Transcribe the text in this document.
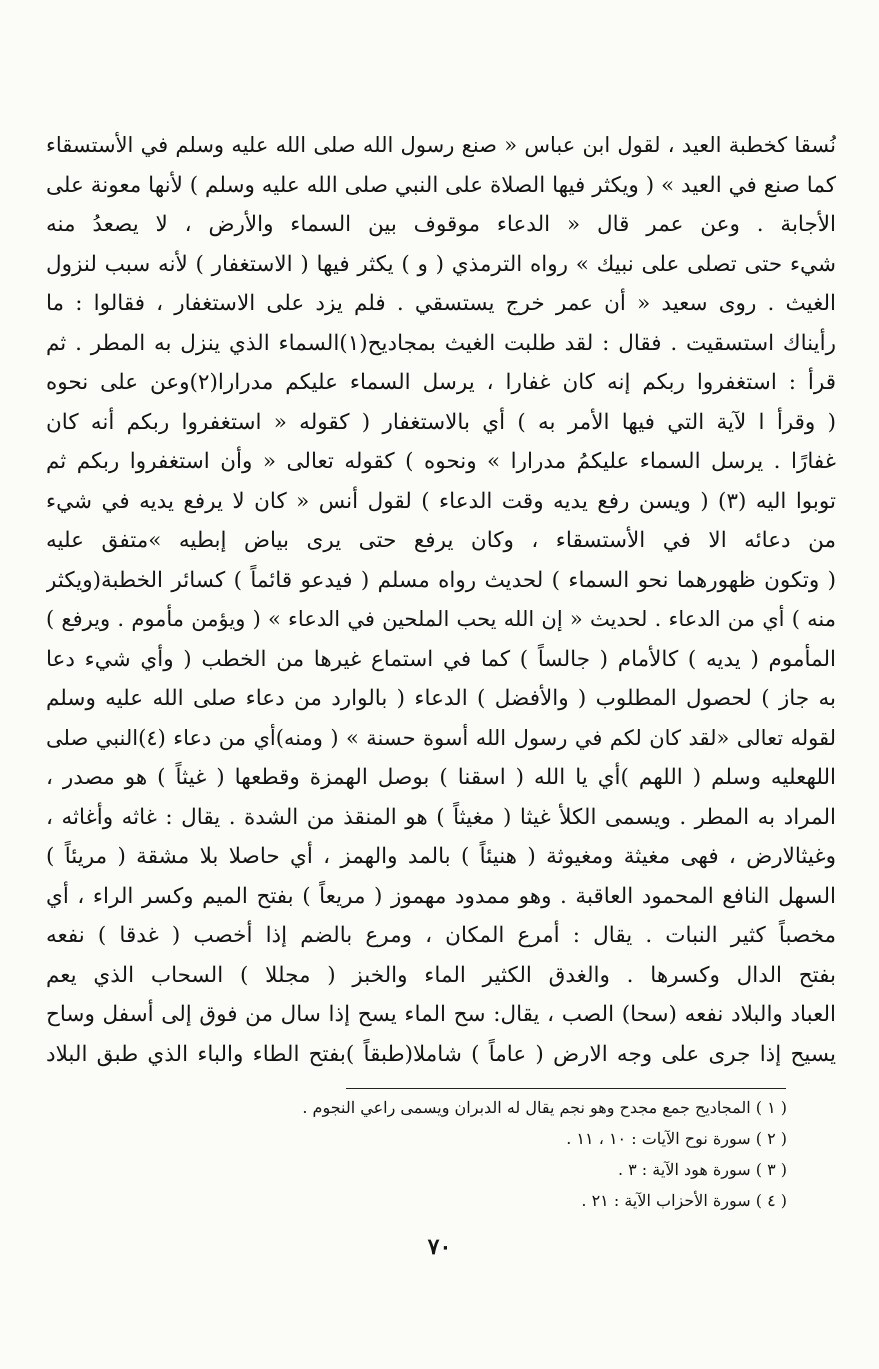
نُسقا كخطبة العيد ، لقول ابن عباس « صنع رسول الله صلى الله عليه وسلم في الأستسقاء
كما صنع في العيد » ( ويكثر فيها الصلاة على النبي صلى الله عليه وسلم ) لأنها معونة على
الأجابة . وعن عمر قال « الدعاء موقوف بين السماء والأرض ، لا يصعدُ منه
شيء حتى تصلى على نبيك » رواه الترمذي ( و ) يكثر فيها ( الاستغفار ) لأنه سبب لنزول
الغيث . روى سعيد « أن عمر خرج يستسقي . فلم يزد على الاستغفار ، فقالوا : ما
رأيناك استسقيت . فقال : لقد طلبت الغيث بمجاديح(١)السماء الذي ينزل به المطر . ثم
قرأ : استغفروا ربكم إنه كان غفارا ، يرسل السماء عليكم مدرارا(٢)وعن على نحوه
( وقرأ ا لآية التي فيها الأمر به ) أي بالاستغفار ( كقوله « استغفروا ربكم أنه كان
غفارًا . يرسل السماء عليكمُ مدرارا » ونحوه ) كقوله تعالى « وأن استغفروا ربكم ثم
توبوا اليه (٣) ( ويسن رفع يديه وقت الدعاء ) لقول أنس « كان لا يرفع يديه في شيء
من دعائه الا في الأستسقاء ، وكان يرفع حتى يرى بياض إبطيه »متفق عليه
( وتكون ظهورهما نحو السماء ) لحديث رواه مسلم ( فيدعو قائماً ) كسائر الخطبة(ويكثر
منه ) أي من الدعاء . لحديث « إن الله يحب الملحين في الدعاء » ( ويؤمن مأموم . ويرفع )
المأموم ( يديه ) كالأمام ( جالساً ) كما في استماع غيرها من الخطب ( وأي شيء دعا
به جاز ) لحصول المطلوب ( والأفضل ) الدعاء ( بالوارد من دعاء صلى الله عليه وسلم
لقوله تعالى «لقد كان لكم في رسول الله أسوة حسنة » ( ومنه)أي من دعاء (٤)النبي صلى
اللهعليه وسلم ( اللهم )أي يا الله ( اسقنا ) بوصل الهمزة وقطعها ( غيثاً ) هو مصدر ،
المراد به المطر . ويسمى الكلأ غيثا ( مغيثاً ) هو المنقذ من الشدة . يقال : غاثه وأغاثه ،
وغيثالارض ، فهى مغيثة ومغيوثة ( هنيئاً ) بالمد والهمز ، أي حاصلا بلا مشقة ( مريئاً )
السهل النافع المحمود العاقبة . وهو ممدود مهموز ( مريعاً ) بفتح الميم وكسر الراء ، أي
مخصباً كثير النبات . يقال : أمرع المكان ، ومرع بالضم إذا أخصب ( غدقا ) نفعه
بفتح الدال وكسرها . والغدق الكثير الماء والخبز ( مجللا ) السحاب الذي يعم
العباد والبلاد نفعه (سحا) الصب ، يقال: سح الماء يسح إذا سال من فوق إلى أسفل وساح
يسيح إذا جرى على وجه الارض ( عاماً ) شاملا(طبقاً )بفتح الطاء والباء الذي طبق البلاد
( ١ ) المجاديح جمع مجدح وهو نجم يقال له الدبران ويسمى راعي النجوم .
( ٢ ) سورة نوح الآيات : ١٠ ، ١١ .
( ٣ ) سورة هود الآية : ٣ .
( ٤ ) سورة الأحزاب الآية : ٢١ .
٧٠
